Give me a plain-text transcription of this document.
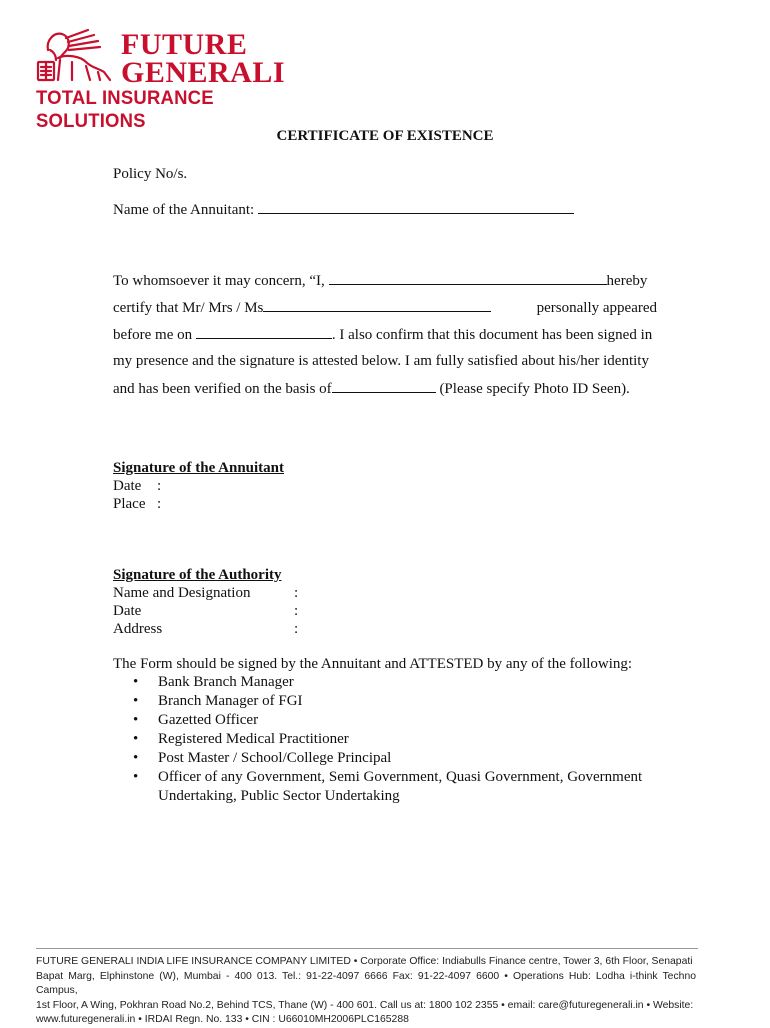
FUTURE
GENERALI
TOTAL INSURANCE SOLUTIONS
CERTIFICATE OF EXISTENCE
Policy No/s.
Name of the Annuitant:
To whomsoever it may concern, “I,	hereby
certify that Mr/ Mrs / Ms	personally appeared
before me on	. I also confirm that this document has been signed in
my presence and the signature is attested below. I am fully satisfied about his/her identity
and has been verified on the basis of	(Please specify Photo ID Seen).
Signature of the Annuitant
Date :
Place :
Signature of the Authority
Name and Designation	:
Date	:
Address	:
The Form should be signed by the Annuitant and ATTESTED by any of the following:
• Bank Branch Manager
• Branch Manager of FGI
• Gazetted Officer
• Registered Medical Practitioner
• Post Master / School/College Principal
• Officer of any Government, Semi Government, Quasi Government, Government
Undertaking, Public Sector Undertaking
FUTURE GENERALI INDIA LIFE INSURANCE COMPANY LIMITED • Corporate Office: Indiabulls Finance centre, Tower 3, 6th Floor, Senapati
Bapat Marg, Elphinstone (W), Mumbai - 400 013. Tel.: 91-22-4097 6666 Fax: 91-22-4097 6600 • Operations Hub: Lodha i-think Techno Campus,
1st Floor, A Wing, Pokhran Road No.2, Behind TCS, Thane (W) - 400 601. Call us at: 1800 102 2355 • email: care@futuregenerali.in • Website:
www.futuregenerali.in • IRDAI Regn. No. 133 • CIN : U66010MH2006PLC165288
